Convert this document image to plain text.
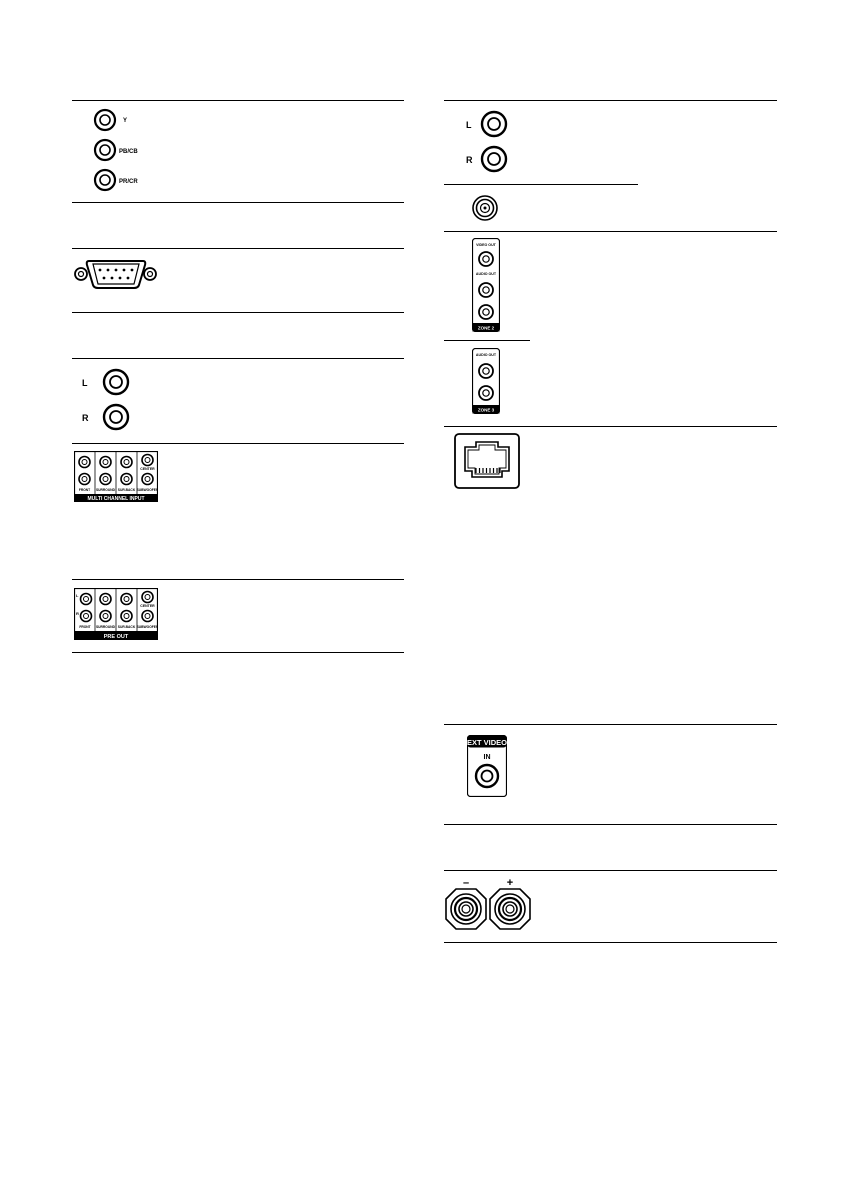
Y
PB/CB
PR/CR
L
R
CENTER
FRONT SURROUND SUR.BACK SUBWOOFER
MULTI CHANNEL INPUT
L
R
CENTER
FRONT SURROUND SUR.BACK SUBWOOFER
PRE OUT
L
R
VIDEO OUT
AUDIO OUT
ZONE 2
AUDIO OUT
ZONE 3
EXT VIDEO
IN
–	+
